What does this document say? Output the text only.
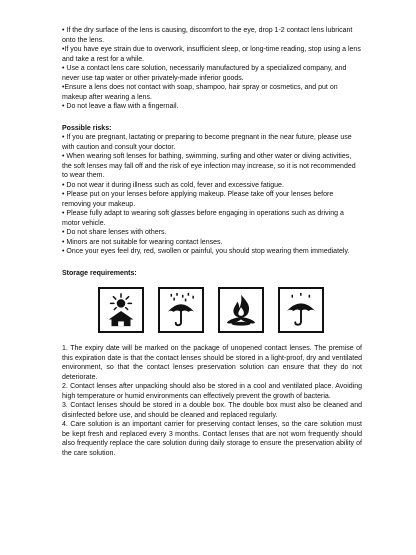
• If the dry surface of the lens is causing, discomfort to the eye, drop 1-2 contact lens lubricant onto the lens.

•If you have eye strain due to overwork, insufficient sleep, or long-time reading, stop using a lens and take a rest for a while.

• Use a contact lens care solution, necessarily manufactured by a specialized company, and never use tap water or other privately-made inferior goods.

•Ensure a lens does not contact with soap, shampoo, hair spray or cosmetics, and put on makeup after wearing a lens.

• Do not leave a flaw with a fingernail.

Possible risks:

• If you are pregnant, lactating or preparing to become pregnant in the near future, please use with caution and consult your doctor.

• When wearing soft lenses for bathing, swimming, surfing and other water or diving activities, the soft lenses may fall off and the risk of eye infection may increase, so it is not recommended to wear them.

• Do not wear it during illness such as cold, fever and excessive fatigue.

• Please put on your lenses before applying makeup. Please take off your lenses before removing your makeup.

• Please fully adapt to wearing soft glasses before engaging in operations such as driving a motor vehicle.

• Do not share lenses with others.

• Minors are not suitable for wearing contact lenses.

• Once your eyes feel dry, red, swollen or painful, you should stop wearing them immediately.

Storage requirements:

1. The expiry date will be marked on the package of unopened contact lenses. The premise of this expiration date is that the contact lenses should be stored in a light-proof, dry and ventilated environment, so that the contact lenses preservation solution can ensure that they do not deteriorate.

2. Contact lenses after unpacking should also be stored in a cool and ventilated place. Avoiding high temperature or humid environments can effectively prevent the growth of bacteria.

3. Contact lenses should be stored in a double box. The double box must also be cleaned and disinfected before use, and should be cleaned and replaced regularly.

4. Care solution is an important carrier for preserving contact lenses, so the care solution must be kept fresh and replaced every 3 months. Contact lenses that are not worn frequently should also frequently replace the care solution during daily storage to ensure the preservation ability of the care solution.
